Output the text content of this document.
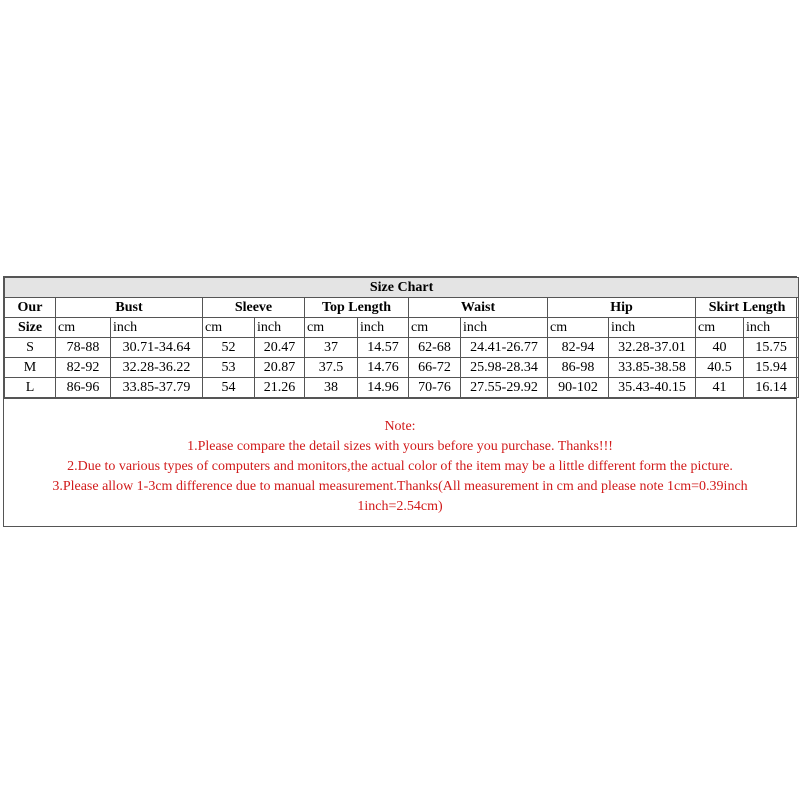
Size Chart												
Our	Bust		Sleeve		Top Length		Waist		Hip		Skirt Length	
Size	cm	inch	cm	inch	cm	inch	cm	inch	cm	inch	cm	inch
S	78-88	30.71-34.64	52	20.47	37	14.57	62-68	24.41-26.77	82-94	32.28-37.01	40	15.75
M	82-92	32.28-36.22	53	20.87	37.5	14.76	66-72	25.98-28.34	86-98	33.85-38.58	40.5	15.94
L	86-96	33.85-37.79	54	21.26	38	14.96	70-76	27.55-29.92	90-102	35.43-40.15	41	16.14
Note:
1.Please compare the detail sizes with yours before you purchase. Thanks!!!
2.Due to various types of computers and monitors,the actual color of the item may be a little different form the picture.
3.Please allow 1-3cm difference due to manual measurement.Thanks(All measurement in cm and please note 1cm=0.39inch
1inch=2.54cm)
